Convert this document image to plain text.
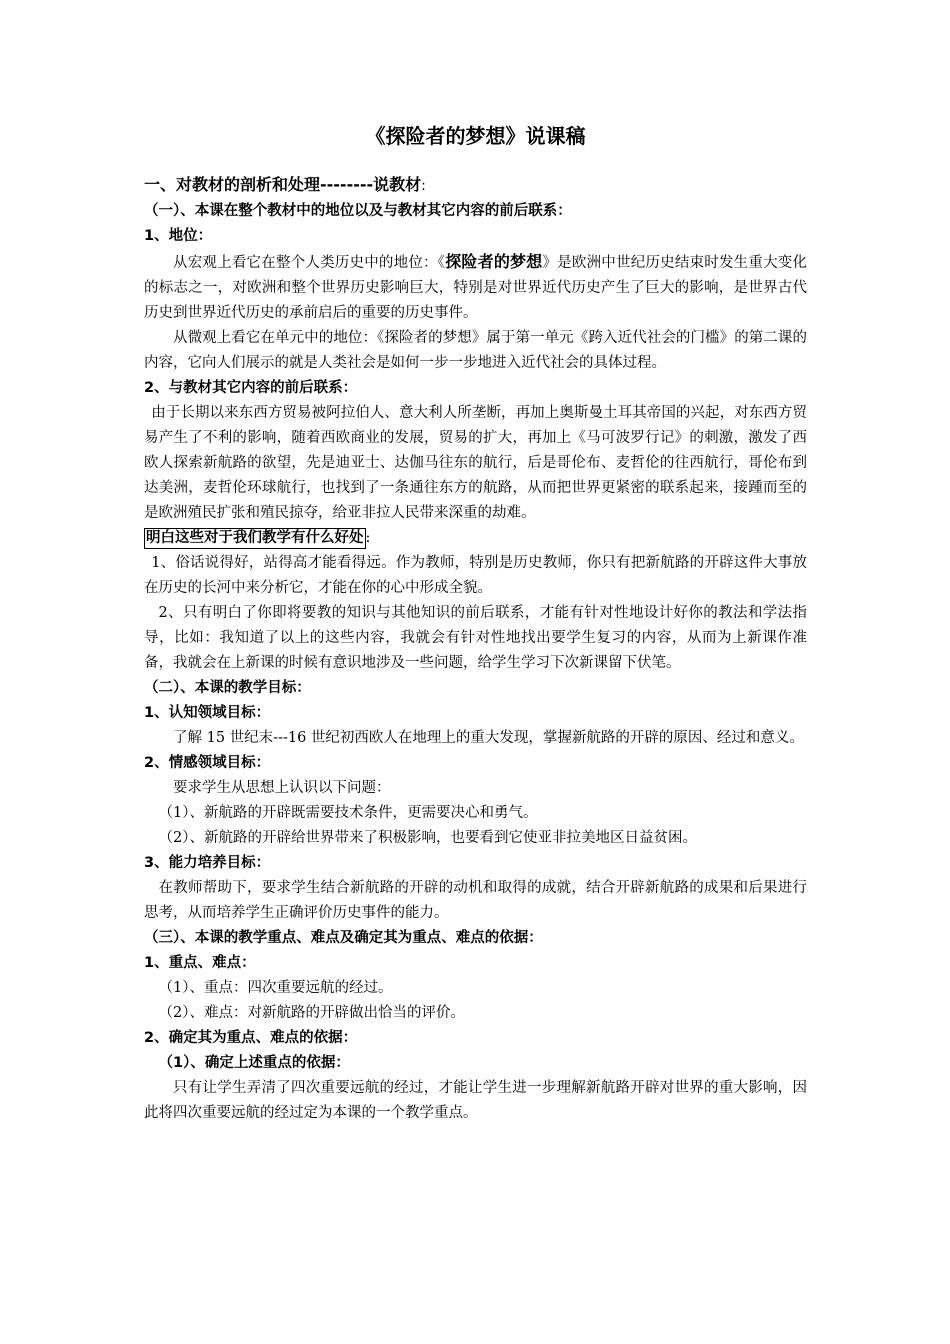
《探险者的梦想》说课稿
一、对教材的剖析和处理--------说教材:
（一）、本课在整个教材中的地位以及与教材其它内容的前后联系：
1、地位：

从宏观上看它在整个人类历史中的地位：《探险者的梦想》是欧洲中世纪历史结束时发生重大变化的标志之一，对欧洲和整个世界历史影响巨大，特别是对世界近代历史产生了巨大的影响，是世界古代历史到世界近代历史的承前启后的重要的历史事件。

从微观上看它在单元中的地位：《探险者的梦想》属于第一单元《跨入近代社会的门槛》的第二课的内容，它向人们展示的就是人类社会是如何一步一步地进入近代社会的具体过程。

2、与教材其它内容的前后联系：

由于长期以来东西方贸易被阿拉伯人、意大利人所垄断，再加上奥斯曼土耳其帝国的兴起，对东西方贸易产生了不利的影响，随着西欧商业的发展，贸易的扩大，再加上《马可波罗行记》的刺激，激发了西欧人探索新航路的欲望，先是迪亚士、达伽马往东的航行，后是哥伦布、麦哲伦的往西航行，哥伦布到达美洲，麦哲伦环球航行，也找到了一条通往东方的航路，从而把世界更紧密的联系起来，接踵而至的是欧洲殖民扩张和殖民掠夺，给亚非拉人民带来深重的劫难。

明白这些对于我们教学有什么好处 :

1、俗话说得好，站得高才能看得远。作为教师，特别是历史教师，你只有把新航路的开辟这件大事放在历史的长河中来分析它，才能在你的心中形成全貌。

2、只有明白了你即将要教的知识与其他知识的前后联系，才能有针对性地设计好你的教法和学法指导，比如：我知道了以上的这些内容，我就会有针对性地找出要学生复习的内容，从而为上新课作准备，我就会在上新课的时候有意识地涉及一些问题，给学生学习下次新课留下伏笔。

（二）、本课的教学目标：
1、认知领域目标：

了解 15 世纪末---16 世纪初西欧人在地理上的重大发现，掌握新航路的开辟的原因、经过和意义。

2、情感领域目标：

要求学生从思想上认识以下问题：

（1）、新航路的开辟既需要技术条件，更需要决心和勇气。

（2）、新航路的开辟给世界带来了积极影响，也要看到它使亚非拉美地区日益贫困。

3、能力培养目标：

在教师帮助下，要求学生结合新航路的开辟的动机和取得的成就，结合开辟新航路的成果和后果进行思考，从而培养学生正确评价历史事件的能力。

（三）、本课的教学重点、难点及确定其为重点、难点的依据：
1、重点、难点：

（1）、重点：四次重要远航的经过。

（2）、难点：对新航路的开辟做出恰当的评价。

2、确定其为重点、难点的依据：
（1）、确定上述重点的依据：

只有让学生弄清了四次重要远航的经过，才能让学生进一步理解新航路开辟对世界的重大影响，因此将四次重要远航的经过定为本课的一个教学重点。
